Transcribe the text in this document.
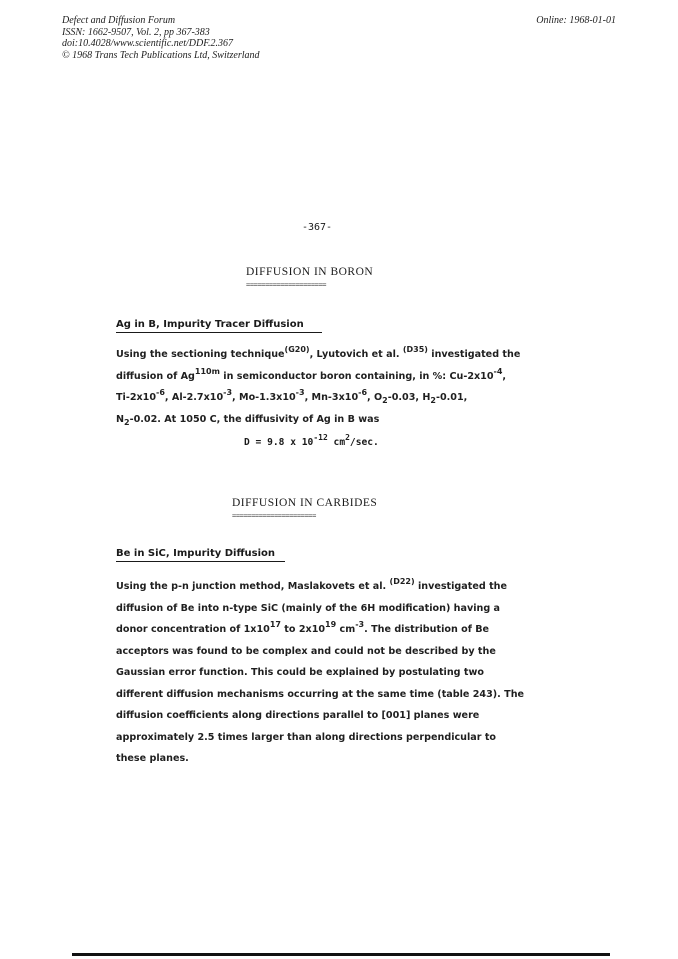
Defect and Diffusion Forum
ISSN: 1662-9507, Vol. 2, pp 367-383
doi:10.4028/www.scientific.net/DDF.2.367
© 1968 Trans Tech Publications Ltd, Switzerland
Online: 1968-01-01
-367-
DIFFUSION IN BORON
=====================
Ag in B, Impurity Tracer Diffusion
Using the sectioning technique$^{(G20)}$, Lyutovich et al. $^{(D35)}$ investigated the
diffusion of $Ag^{110m}$ in semiconductor boron containing, in %: $Cu-2x10^{-4}$,
$Ti-2x10^{-6}$, $Al-2.7x10^{-3}$, $Mo-1.3x10^{-3}$, $Mn-3x10^{-6}$, $O_2-0.03$, $H_2-0.01$,
$N_2-0.02$. At 1050 C, the diffusivity of Ag in B was
D = 9.8 x $10^{-12}$ $cm^2/\sec$.
DIFFUSION IN CARBIDES
======================
Be in SiC, Impurity Diffusion
Using the p-n junction method, Maslakovets et al. $^{(D22)}$ investigated the
diffusion of Be into n-type SiC (mainly of the 6H modification) having a
donor concentration of $1x10^{17}$ to $2x10^{19}$ $cm^{-3}$. The distribution of Be
acceptors was found to be complex and could not be described by the
Gaussian error function. This could be explained by postulating two
different diffusion mechanisms occurring at the same time (table 243). The
diffusion coefficients along directions parallel to [001] planes were
approximately 2.5 times larger than along directions perpendicular to
these planes.
